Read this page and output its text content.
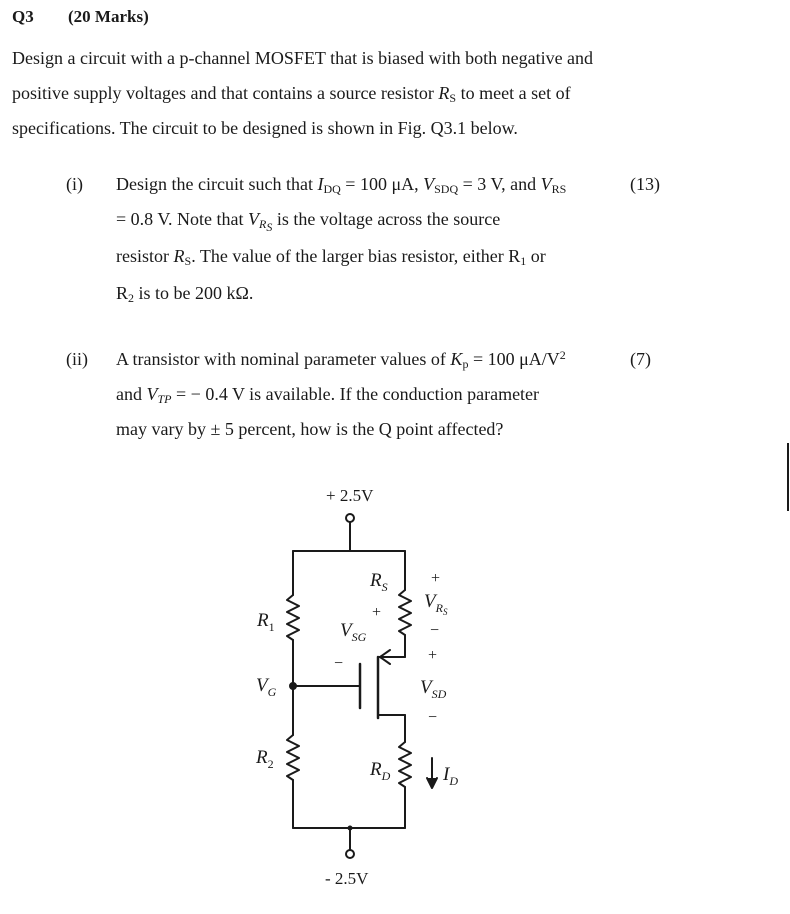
Q3 (20 Marks)
Design a circuit with a p-channel MOSFET that is biased with both negative and
positive supply voltages and that contains a source resistor $R_S$ to meet a set of
specifications. The circuit to be designed is shown in Fig. Q3.1 below.
(i)	(13)
Design the circuit such that $I_{DQ} = 100$ μA, $V_{SDQ} = 3$ V, and $V_{RS}$
= 0.8 V. Note that $V_{R_S}$ is the voltage across the source
resistor $R_S$. The value of the larger bias resistor, either $R_1$ or
$R_2$ is to be 200 kΩ.
(ii)	(7)
A transistor with nominal parameter values of $K_p = 100$ $\mu A/V^2$
and $V_{TP}$ = − 0.4 V is available. If the conduction parameter
may vary by ± 5 percent, how is the Q point affected?
+ 2.5V
- 2.5V
$R_1$
$V_G$
$R_2$
$R_S$
$R_D$
+
$V_{SG}$
−
+
$V_RS$
−
+
$V_{SD}$
−
$I_D$
